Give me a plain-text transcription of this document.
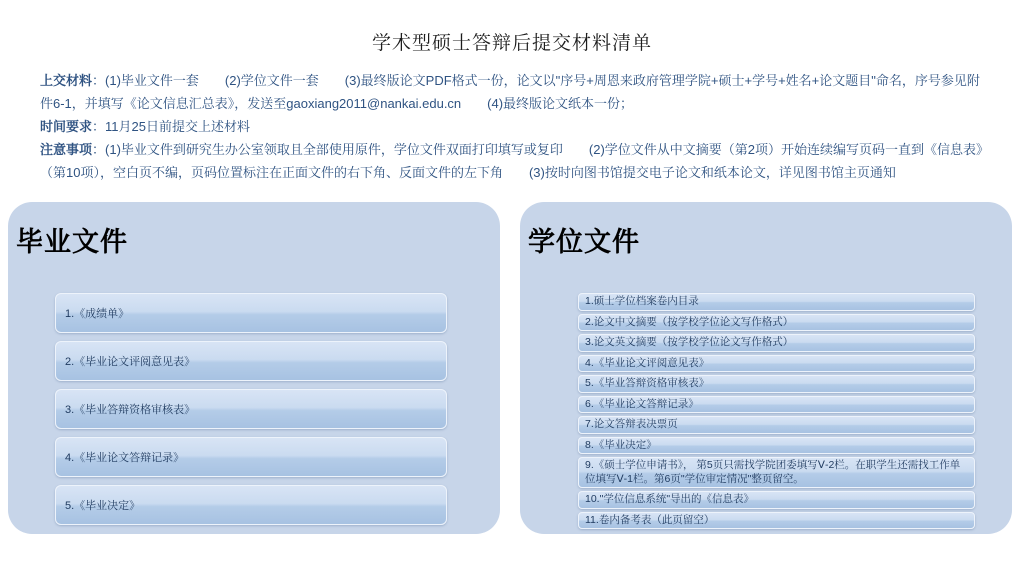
学术型硕士答辩后提交材料清单

上交材料：(1)毕业文件一套　　(2)学位文件一套　　(3)最终版论文PDF格式一份，论文以"序号+周恩来政府管理学院+硕士+学号+姓名+论文题目"命名，序号参见附件6-1，并填写《论文信息汇总表》，发送至gaoxiang2011@nankai.edu.cn　　(4)最终版论文纸本一份；

时间要求：11月25日前提交上述材料

注意事项：(1)毕业文件到研究生办公室领取且全部使用原件，学位文件双面打印填写或复印　　(2)学位文件从中文摘要（第2项）开始连续编写页码一直到《信息表》（第10项），空白页不编，页码位置标注在正面文件的右下角、反面文件的左下角　　(3)按时向图书馆提交电子论文和纸本论文，详见图书馆主页通知

毕业文件
1.《成绩单》
2.《毕业论文评阅意见表》
3.《毕业答辩资格审核表》
4.《毕业论文答辩记录》
5.《毕业决定》
学位文件
1.硕士学位档案卷内目录
2.论文中文摘要（按学校学位论文写作格式）
3.论文英文摘要（按学校学位论文写作格式）
4.《毕业论文评阅意见表》
5.《毕业答辩资格审核表》
6.《毕业论文答辩记录》
7.论文答辩表决票页
8.《毕业决定》
9.《硕士学位申请书》， 第5页只需找学院团委填写Ⅴ-2栏。在职学生还需找工作单位填写Ⅴ-1栏。第6页"学位审定情况"整页留空。
10."学位信息系统"导出的《信息表》
11.卷内备考表（此页留空）
